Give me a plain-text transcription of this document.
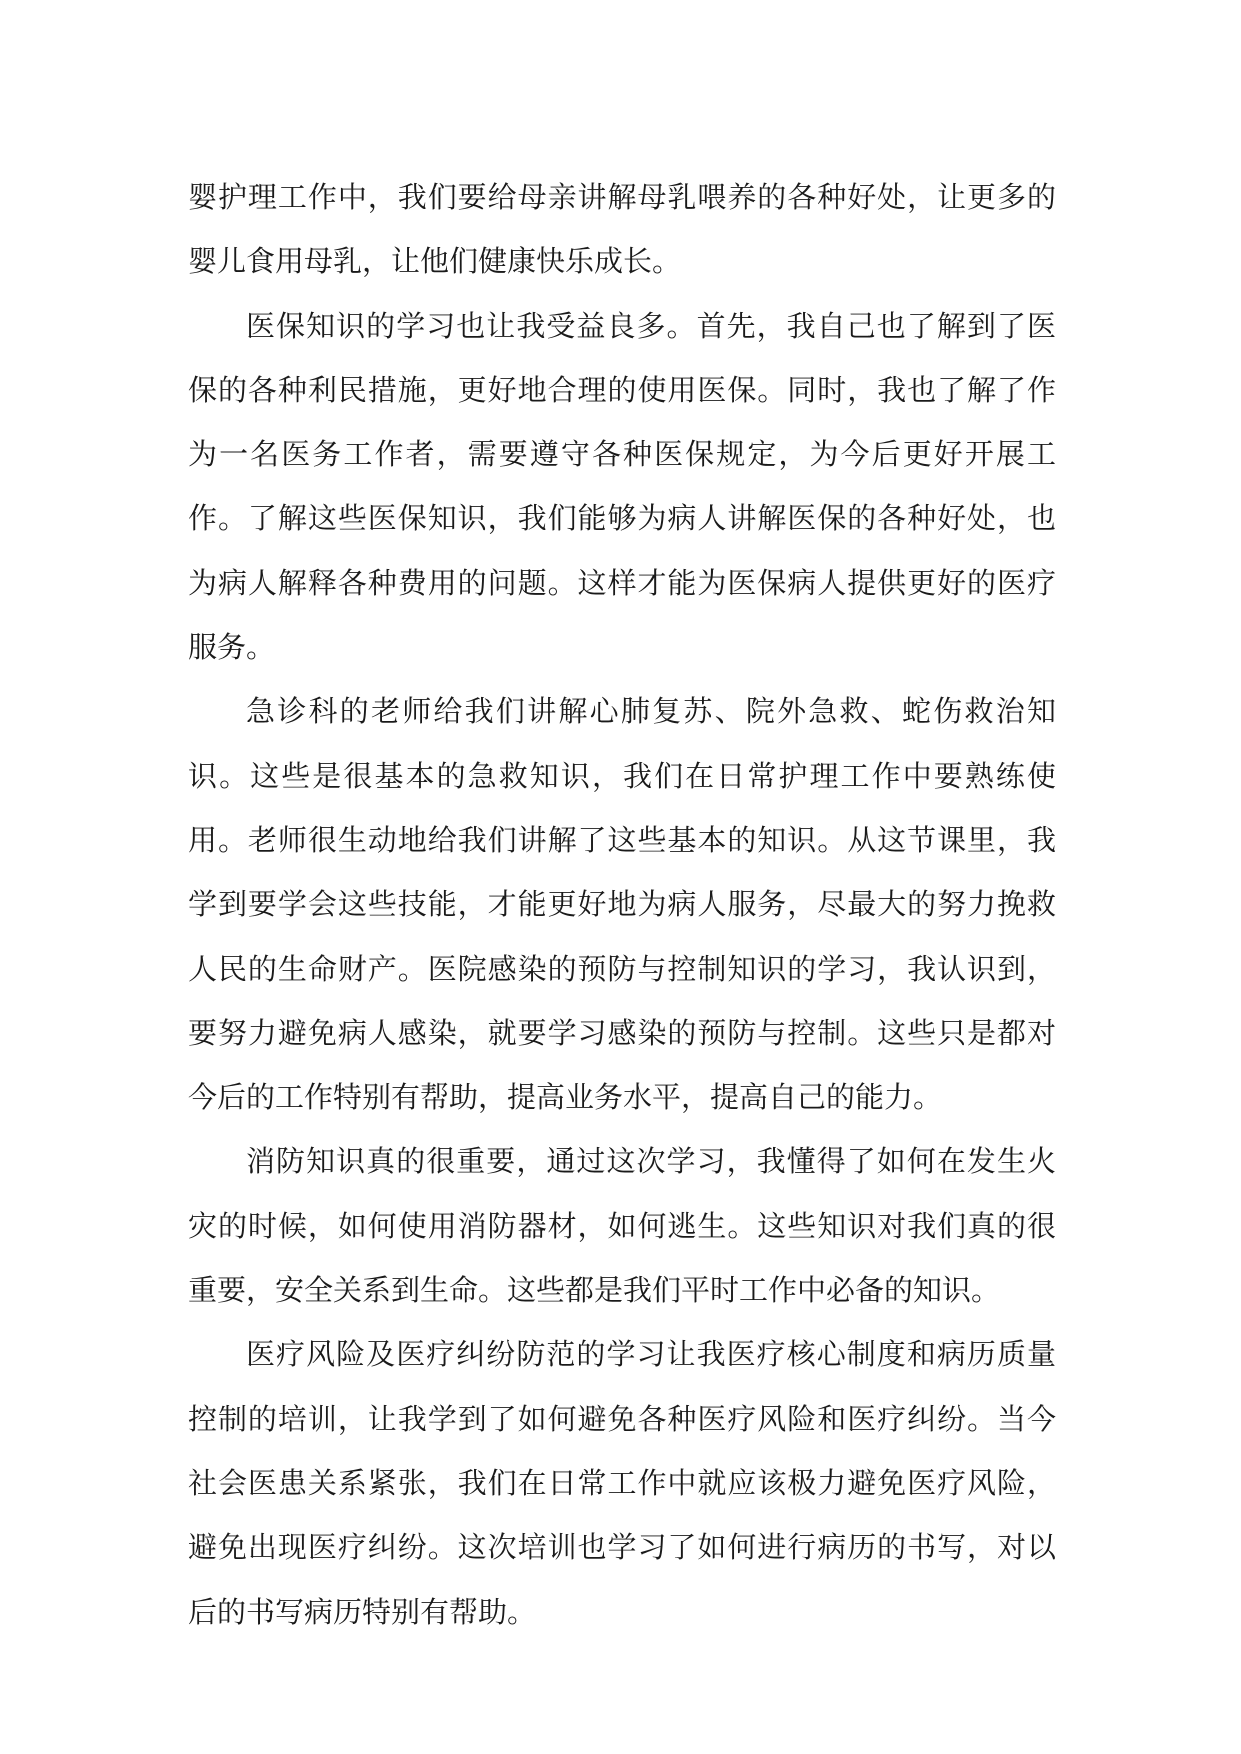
婴护理工作中，我们要给母亲讲解母乳喂养的各种好处，让更多的婴儿食用母乳，让他们健康快乐成长。

医保知识的学习也让我受益良多。首先，我自己也了解到了医保的各种利民措施，更好地合理的使用医保。同时，我也了解了作为一名医务工作者，需要遵守各种医保规定，为今后更好开展工作。了解这些医保知识，我们能够为病人讲解医保的各种好处，也为病人解释各种费用的问题。这样才能为医保病人提供更好的医疗服务。

急诊科的老师给我们讲解心肺复苏、院外急救、蛇伤救治知识。这些是很基本的急救知识，我们在日常护理工作中要熟练使用。老师很生动地给我们讲解了这些基本的知识。从这节课里，我学到要学会这些技能，才能更好地为病人服务，尽最大的努力挽救人民的生命财产。医院感染的预防与控制知识的学习，我认识到，要努力避免病人感染，就要学习感染的预防与控制。这些只是都对今后的工作特别有帮助，提高业务水平，提高自己的能力。

消防知识真的很重要，通过这次学习，我懂得了如何在发生火灾的时候，如何使用消防器材，如何逃生。这些知识对我们真的很重要，安全关系到生命。这些都是我们平时工作中必备的知识。

医疗风险及医疗纠纷防范的学习让我医疗核心制度和病历质量控制的培训，让我学到了如何避免各种医疗风险和医疗纠纷。当今社会医患关系紧张，我们在日常工作中就应该极力避免医疗风险，避免出现医疗纠纷。这次培训也学习了如何进行病历的书写，对以后的书写病历特别有帮助。
